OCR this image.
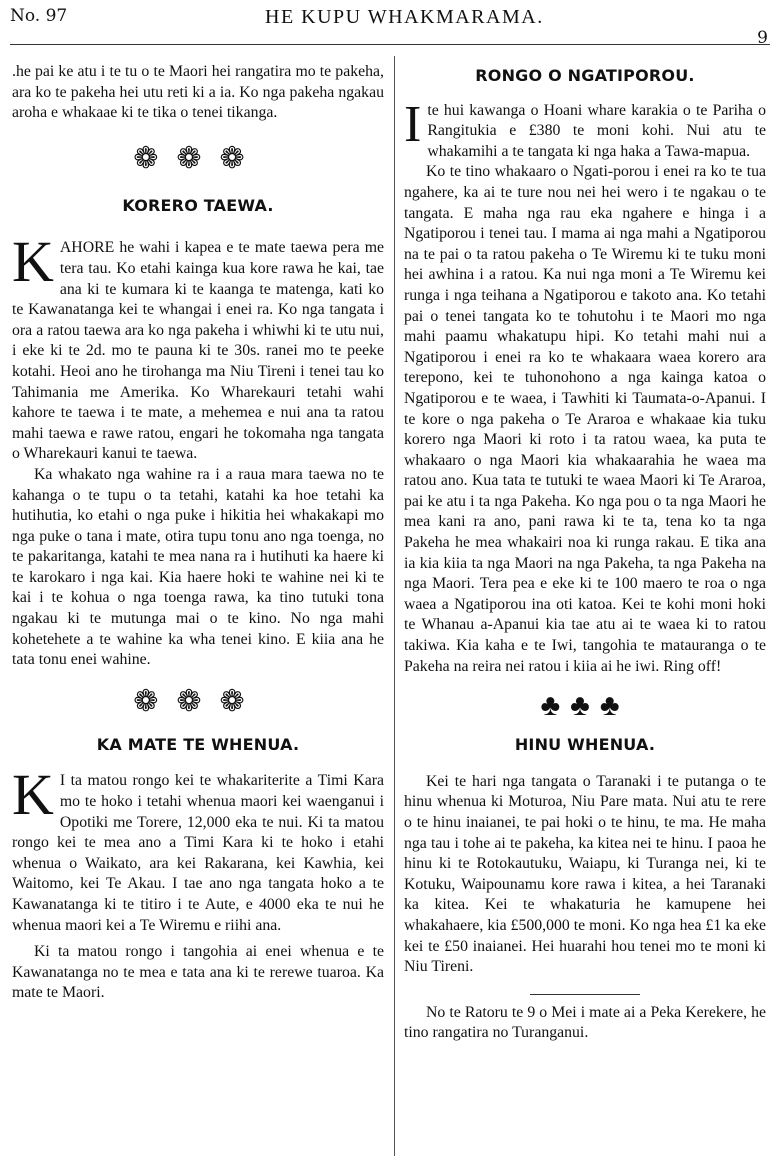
No. 97	HE KUPU WHAKMARAMA.
9

.he pai ke atu i te tu o te Maori hei rangatira mo te pakeha, ara ko te pakeha hei utu reti ki a ia. Ko nga pakeha ngakau aroha e whakaae ki te tika o tenei tikanga.

❁❁❁
KORERO TAEWA.

KAHORE he wahi i kapea e te mate taewa pera me tera tau. Ko etahi kainga kua kore rawa he kai, tae ana ki te kumara ki te kaanga te matenga, kati ko te Kawanatanga kei te whangai i enei ra. Ko nga tangata i ora a ratou taewa ara ko nga pakeha i whiwhi ki te utu nui, i eke ki te 2d. mo te pauna ki te 30s. ranei mo te peeke kotahi. Heoi ano he tirohanga ma Niu Tireni i tenei tau ko Tahimania me Amerika. Ko Wharekauri tetahi wahi kahore te taewa i te mate, a mehemea e nui ana ta ratou mahi taewa e rawe ratou, engari he tokomaha nga tangata o Wharekauri kanui te taewa.

Ka whakato nga wahine ra i a raua mara taewa no te kahanga o te tupu o ta tetahi, katahi ka hoe tetahi ka hutihutia, ko etahi o nga puke i hikitia hei whakakapi mo nga puke o tana i mate, otira tupu tonu ano nga toenga, no te pakaritanga, katahi te mea nana ra i hutihuti ka haere ki te karokaro i nga kai. Kia haere hoki te wahine nei ki te kai i te kohua o nga toenga rawa, ka tino tutuki tona ngakau ki te mutunga mai o te kino. No nga mahi kohetehete a te wahine ka wha tenei kino. E kiia ana he tata tonu enei wahine.

❁❁❁
KA MATE TE WHENUA.

K I ta matou rongo kei te whakariterite a Timi Kara mo te hoko i tetahi whenua maori kei waenganui i Opotiki me Torere, 12,000 eka te nui. Ki ta matou rongo kei te mea ano a Timi Kara ki te hoko i etahi whenua o Waikato, ara kei Rakarana, kei Kawhia, kei Waitomo, kei Te Akau. I tae ano nga tangata hoko a te Kawanatanga ki te titiro i te Aute, e 4000 eka te nui he whenua maori kei a Te Wiremu e riihi ana.

Ki ta matou rongo i tangohia ai enei whenua e te Kawanatanga no te mea e tata ana ki te rerewe tuaroa. Ka mate te Maori.

RONGO O NGATIPOROU.

Ite hui kawanga o Hoani whare karakia o te Pariha o Rangitukia e £380 te moni kohi. Nui atu te whakamihi a te tangata ki nga haka a Tawa-mapua.

Ko te tino whakaaro o Ngati-porou i enei ra ko te tua ngahere, ka ai te ture nou nei hei wero i te ngakau o te tangata. E maha nga rau eka ngahere e hinga i a Ngatiporou i tenei tau. I mama ai nga mahi a Ngatiporou na te pai o ta ratou pakeha o Te Wiremu ki te tuku moni hei awhina i a ratou. Ka nui nga moni a Te Wiremu kei runga i nga teihana a Ngatiporou e takoto ana. Ko tetahi pai o tenei tangata ko te tohutohu i te Maori mo nga mahi paamu whakatupu hipi. Ko tetahi mahi nui a Ngatiporou i enei ra ko te whakaara waea korero ara terepono, kei te tuhonohono a nga kainga katoa o Ngatiporou e te waea, i Tawhiti ki Taumata-o-Apanui. I te kore o nga pakeha o Te Araroa e whakaae kia tuku korero nga Maori ki roto i ta ratou waea, ka puta te whakaaro o nga Maori kia whakaarahia he waea ma ratou ano. Kua tata te tutuki te waea Maori ki Te Araroa, pai ke atu i ta nga Pakeha. Ko nga pou o ta nga Maori he mea kani ra ano, pani rawa ki te ta, tena ko ta nga Pakeha he mea whakairi noa ki runga rakau. E tika ana ia kia kiia ta nga Maori na nga Pakeha, ta nga Pakeha na nga Maori. Tera pea e eke ki te 100 maero te roa o nga waea a Ngatiporou ina oti katoa. Kei te kohi moni hoki te Whanau a-Apanui kia tae atu ai te waea ki to ratou takiwa. Kia kaha e te Iwi, tangohia te matauranga o te Pakeha na reira nei ratou i kiia ai he iwi. Ring off!

♣♣♣
HINU WHENUA.

Kei te hari nga tangata o Taranaki i te putanga o te hinu whenua ki Moturoa, Niu Pare mata. Nui atu te rere o te hinu inaianei, te pai hoki o te hinu, te ma. He maha nga tau i tohe ai te pakeha, ka kitea nei te hinu. I paoa he hinu ki te Rotokautuku, Waiapu, ki Turanga nei, ki te Kotuku, Waipounamu kore rawa i kitea, a hei Taranaki ka kitea. Kei te whakaturia he kamupene hei whakahaere, kia £500,000 te moni. Ko nga hea £1 ka eke kei te £50 inaianei. Hei huarahi hou tenei mo te moni ki Niu Tireni.

No te Ratoru te 9 o Mei i mate ai a Peka Kerekere, he tino rangatira no Turanganui.
